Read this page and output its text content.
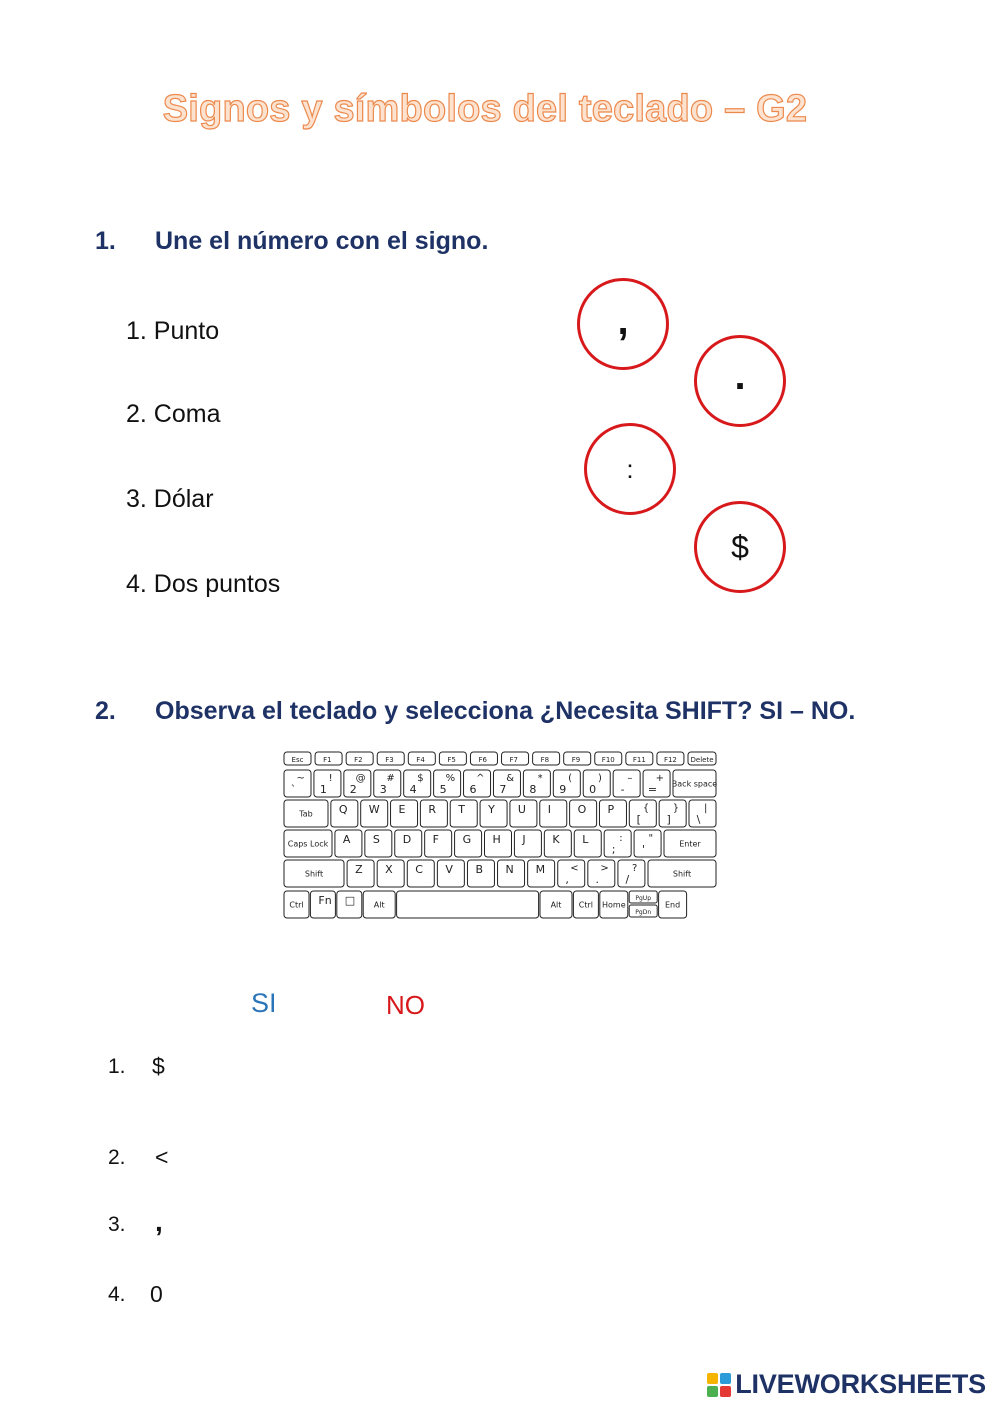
Signos y símbolos del teclado – G2
1. Une el número con el signo.
1. Punto
2. Coma
3. Dólar
4. Dos puntos
,
.
:
$
2. Observa el teclado y selecciona ¿Necesita SHIFT? SI – NO.
Esc	F1	F2	F3	F4	F5	F6	F7	F8	F9	F10	F11	F12 Delete
~
`
!
1
@
2
#
3
$
4
%
5
^
6
&
7
*
8
(
9
)
0
–
-
+
= Back space
Tab Q W E R T Y U I O P	{
[
}
]
|
\
Caps Lock A S D F G H J K L	:
;
"
'	Enter
Shift	Z X C V B N M	<
,
>
.
?
/	Shift
Ctrl Fn □ Alt	Alt Ctrl Home
PgUp
PgDn
End
SI	NO
1. $
2. <
3. ,
4. 0
LIVEWORKSHEETS
